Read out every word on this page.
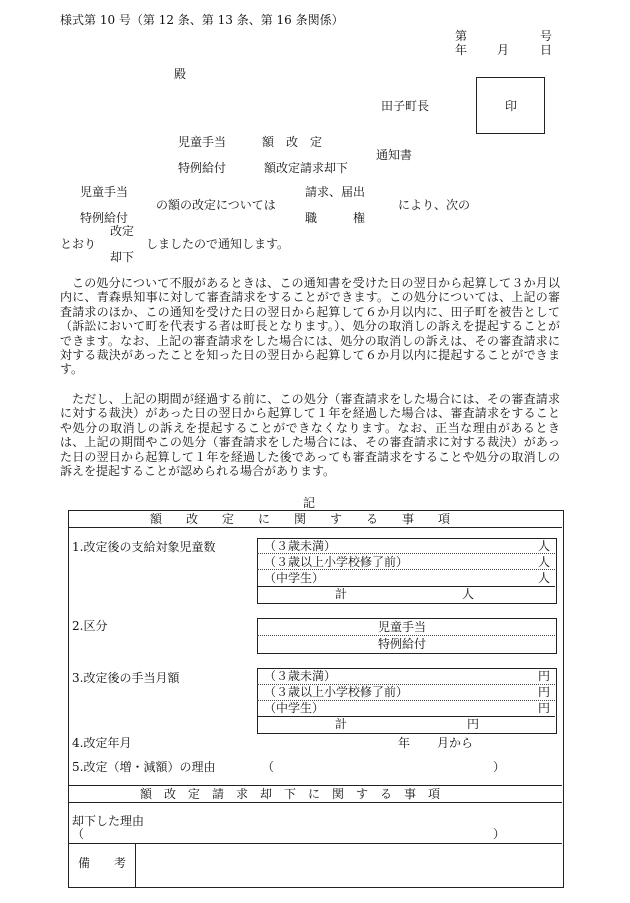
様式第 10 号（第 12 条、第 13 条、第 16 条関係）
第	号
年 月	日
殿
田子町長	印
児童手当	額　改　定
通知書
特例給付	額改定請求却下
児童手当	請求、届出
の額の改定については	により、次の
特例給付	職　　　権
改定
とおり	しましたので通知します。
却下
この処分について不服があるときは、この通知書を受けた日の翌日から起算して３か月以内に、青森県知事に対して審査請求をすることができます。この処分については、上記の審査請求のほか、この通知を受けた日の翌日から起算して６か月以内に、田子町を被告として（訴訟において町を代表する者は町長となります。）、処分の取消しの訴えを提起することができます。なお、上記の審査請求をした場合には、処分の取消しの訴えは、その審査請求に対する裁決があったことを知った日の翌日から起算して６か月以内に提起することができます。
ただし、上記の期間が経過する前に、この処分（審査請求をした場合には、その審査請求に対する裁決）があった日の翌日から起算して１年を経過した場合は、審査請求をすることや処分の取消しの訴えを提起することができなくなります。なお、正当な理由があるときは、上記の期間やこの処分（審査請求をした場合には、その審査請求に対する裁決）があった日の翌日から起算して１年を経過した後であっても審査請求をすることや処分の取消しの訴えを提起することが認められる場合があります。
記
額　　改　　定　　に　　関　　す　　る　　事　　項
1.改定後の支給対象児童数	（３歳未満）	人
（３歳以上小学校修了前）	人
（中学生）	人
計	人
2.区分	児童手当
特例給付
3.改定後の手当月額	（３歳未満）	円
（３歳以上小学校修了前）	円
（中学生）	円
計	円
4.改定年月	年 月から
5.改定（増・減額）の理由	（	）
額　改　定　請　求　却　下　に　関　す　る　事　項
却下した理由
（	）
備　　考
